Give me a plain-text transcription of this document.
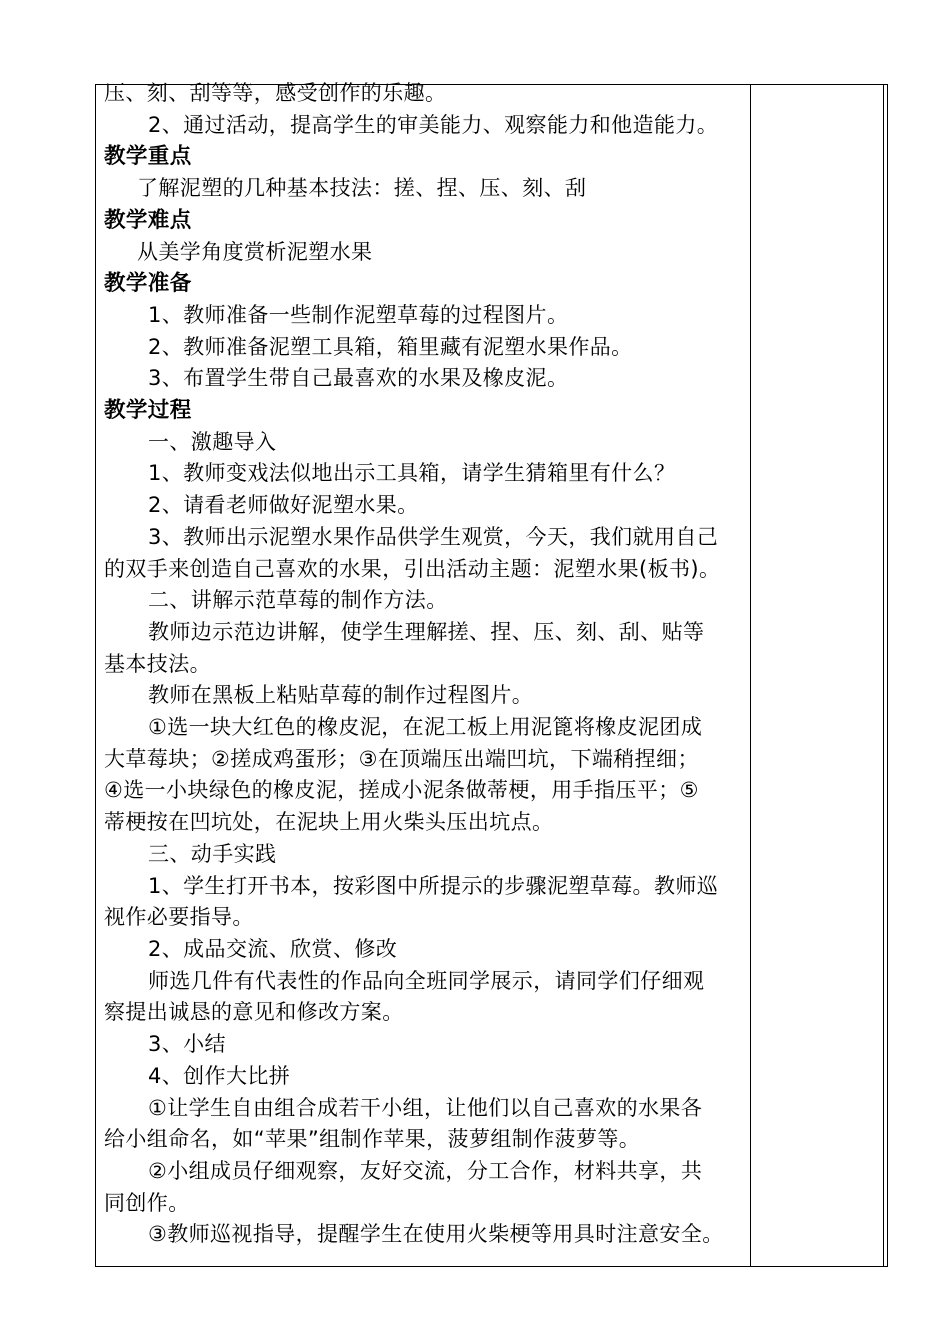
压、刻、刮等等，感受创作的乐趣。

2、通过活动，提高学生的审美能力、观察能力和他造能力。

教学重点

了解泥塑的几种基本技法：搓、捏、压、刻、刮

教学难点

从美学角度赏析泥塑水果

教学准备

1、教师准备一些制作泥塑草莓的过程图片。

2、教师准备泥塑工具箱，箱里藏有泥塑水果作品。

3、布置学生带自己最喜欢的水果及橡皮泥。

教学过程

一、激趣导入

1、教师变戏法似地出示工具箱，请学生猜箱里有什么？

2、请看老师做好泥塑水果。

3、教师出示泥塑水果作品供学生观赏，今天，我们就用自己

的双手来创造自己喜欢的水果，引出活动主题：泥塑水果(板书)。

二、讲解示范草莓的制作方法。

教师边示范边讲解，使学生理解搓、捏、压、刻、刮、贴等

基本技法。

教师在黑板上粘贴草莓的制作过程图片。

①选一块大红色的橡皮泥，在泥工板上用泥篦将橡皮泥团成

大草莓块；②搓成鸡蛋形；③在顶端压出端凹坑，下端稍捏细；

④选一小块绿色的橡皮泥，搓成小泥条做蒂梗，用手指压平；⑤

蒂梗按在凹坑处，在泥块上用火柴头压出坑点。

三、动手实践

1、学生打开书本，按彩图中所提示的步骤泥塑草莓。教师巡

视作必要指导。

2、成品交流、欣赏、修改

师选几件有代表性的作品向全班同学展示，请同学们仔细观

察提出诚恳的意见和修改方案。

3、小结

4、创作大比拼

①让学生自由组合成若干小组，让他们以自己喜欢的水果各

给小组命名，如“苹果”组制作苹果，菠萝组制作菠萝等。

②小组成员仔细观察，友好交流，分工合作，材料共享，共

同创作。

③教师巡视指导，提醒学生在使用火柴梗等用具时注意安全。
